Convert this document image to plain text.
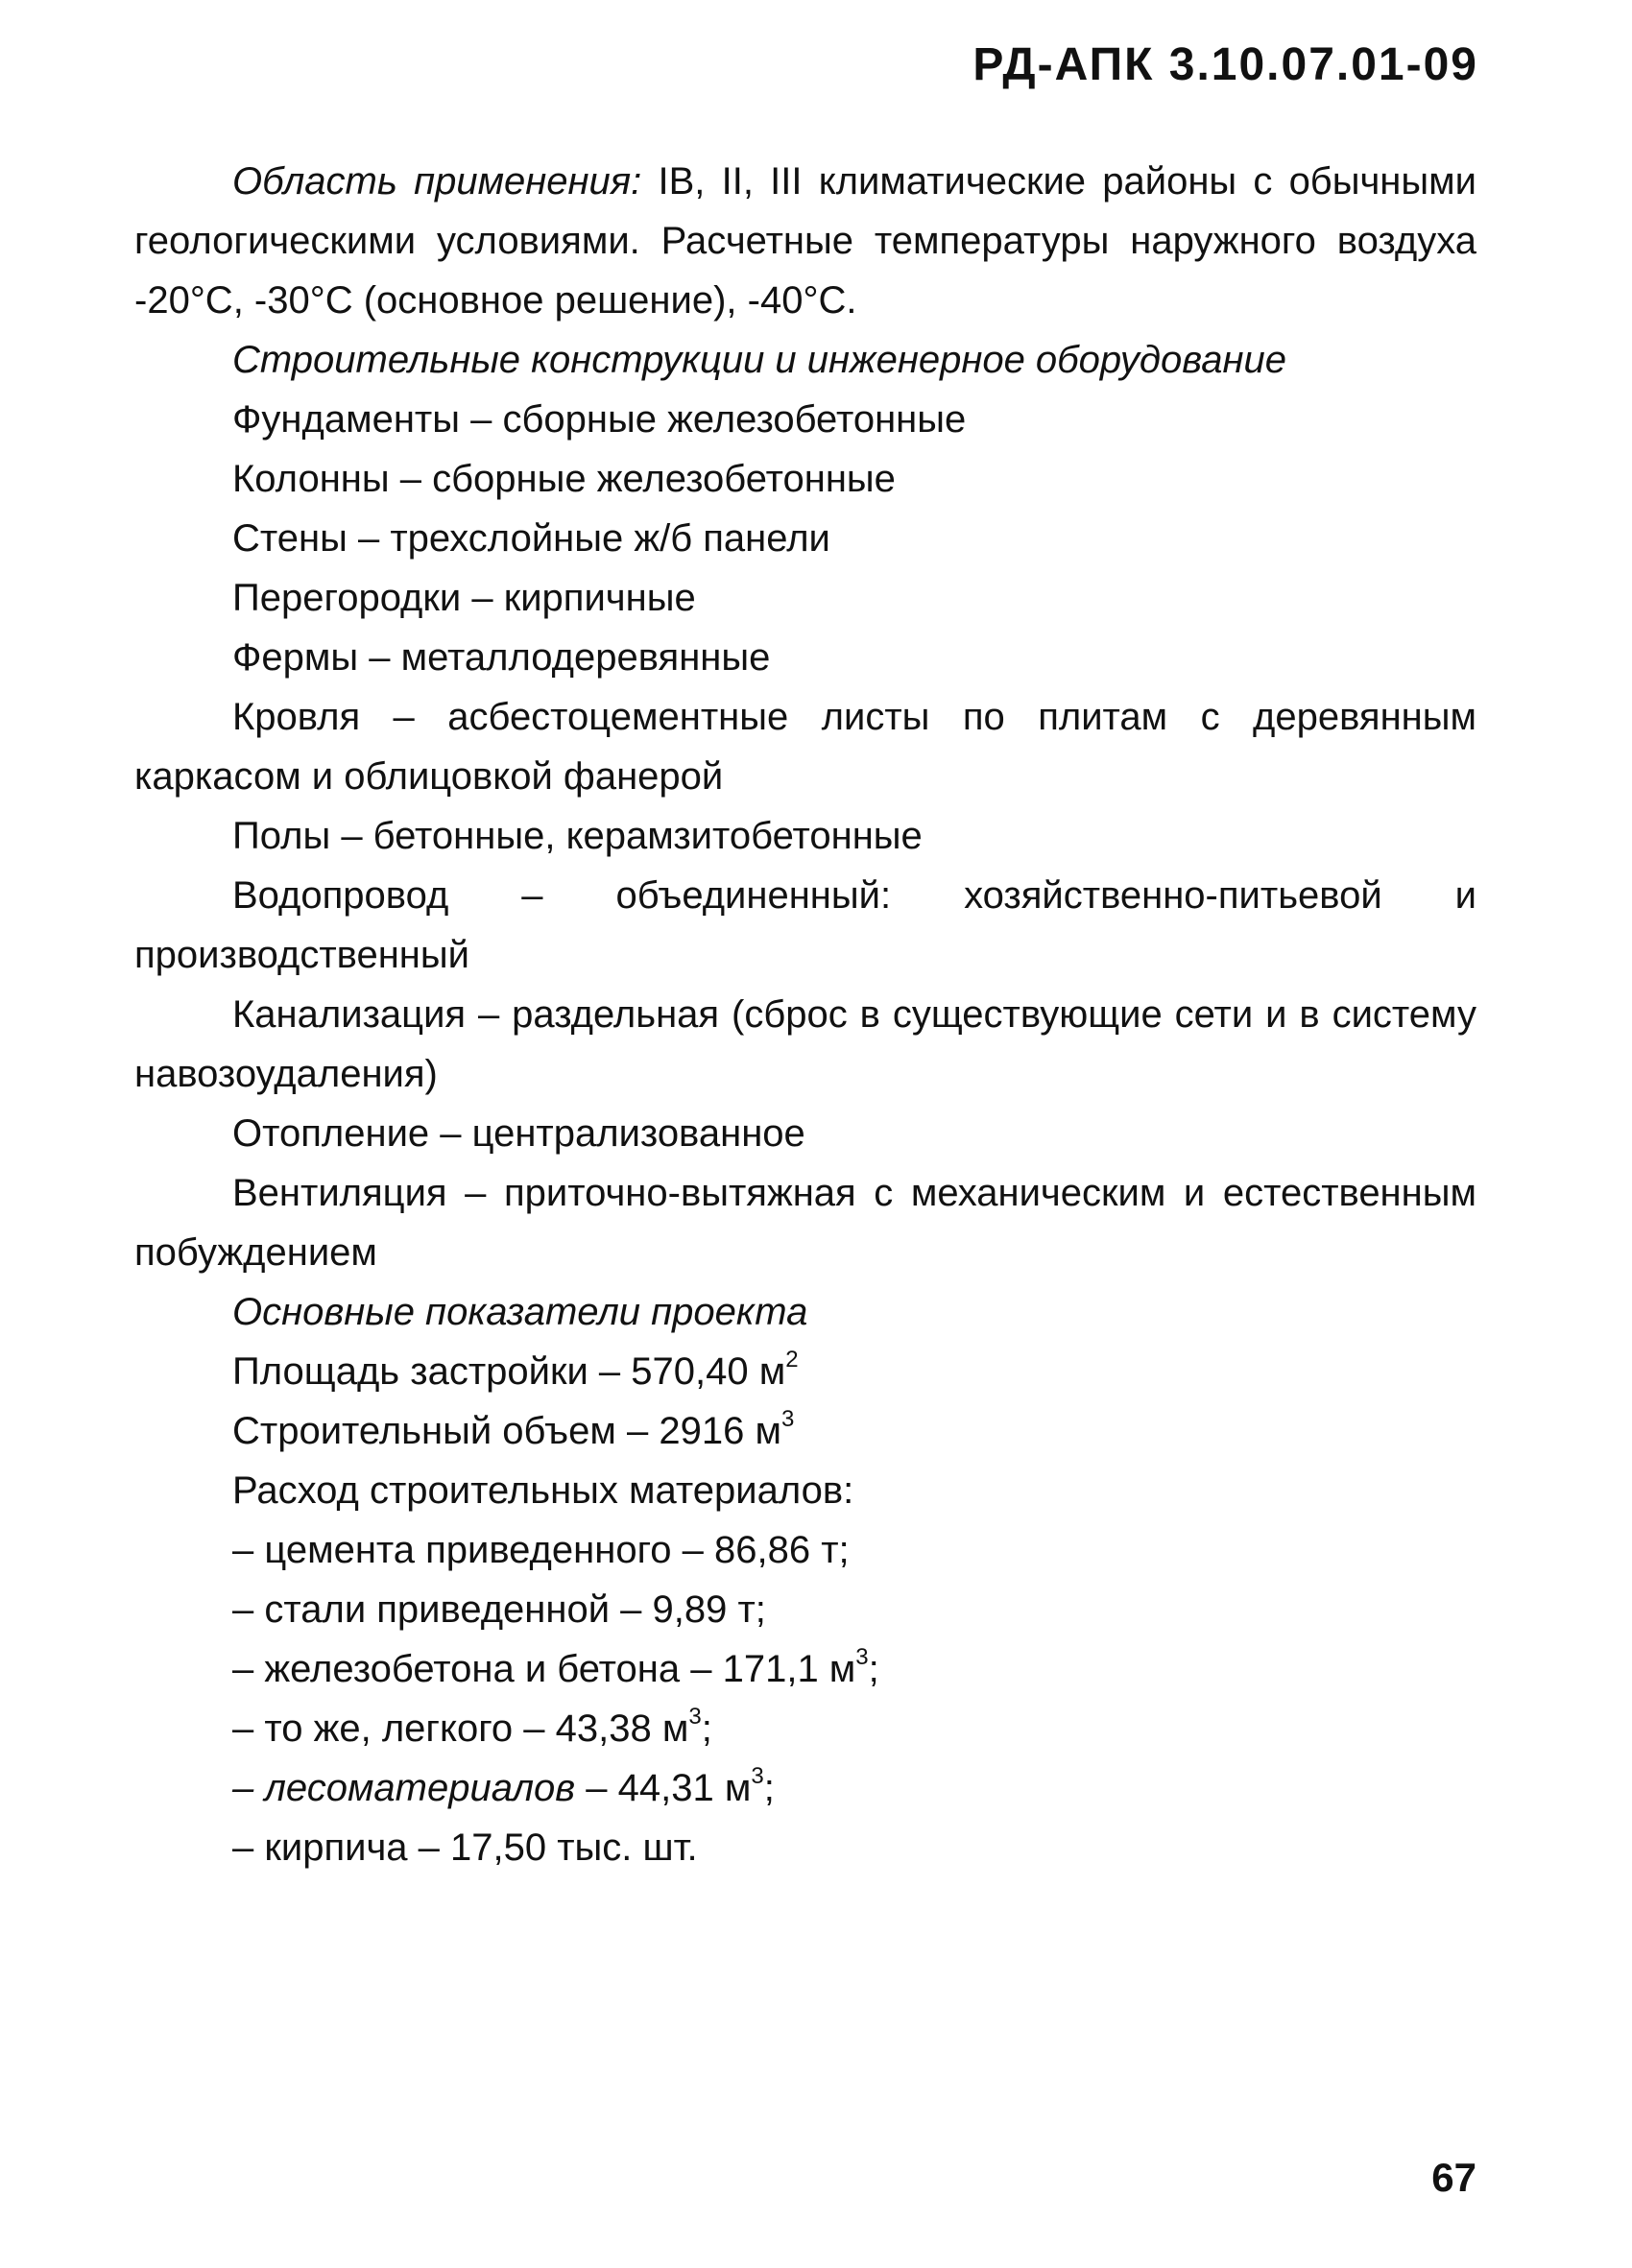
РД-АПК 3.10.07.01-09

Область применения: IB, II, III климатические районы с обычными геологическими условиями. Расчетные температуры наружного воздуха -20°С, -30°С (основное решение), -40°С.

Строительные конструкции и инженерное оборудование

Фундаменты – сборные железобетонные

Колонны – сборные железобетонные

Стены – трехслойные ж/б панели

Перегородки – кирпичные

Фермы – металлодеревянные

Кровля – асбестоцементные листы по плитам с деревянным каркасом и облицовкой фанерой

Полы – бетонные, керамзитобетонные

Водопровод – объединенный: хозяйственно-питьевой и производственный

Канализация – раздельная (сброс в существующие сети и в систему навозоудаления)

Отопление – централизованное

Вентиляция – приточно-вытяжная с механическим и естественным побуждением

Основные показатели проекта

Площадь застройки – 570,40 $м^2$

Строительный объем – 2916 $м^3$

Расход строительных материалов:

– цемента приведенного – 86,86 т;

– стали приведенной – 9,89 т;

– железобетона и бетона – 171,1 $м^3$;

– то же, легкого – 43,38 $м^3$;

– лесоматериалов – 44,31 $м^3$;

– кирпича – 17,50 тыс. шт.

67
